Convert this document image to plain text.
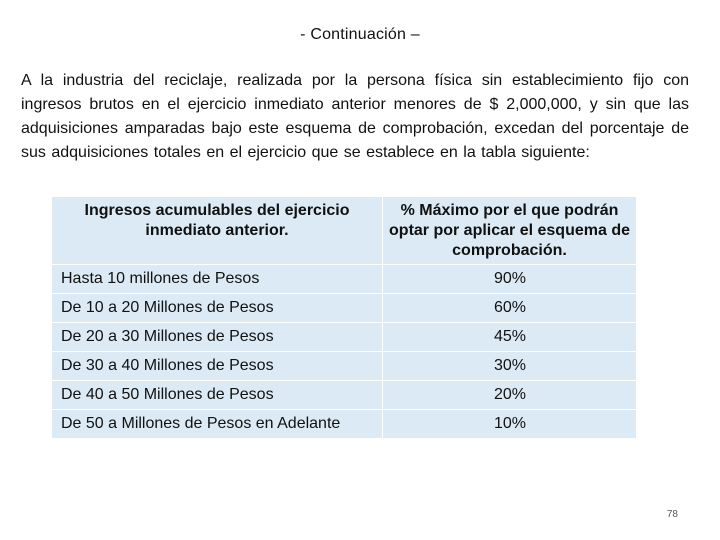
- Continuación –
A la industria del reciclaje, realizada por la persona física sin establecimiento fijo con ingresos brutos en el ejercicio inmediato anterior menores de $ 2,000,000, y sin que las adquisiciones amparadas bajo este esquema de comprobación, excedan del porcentaje de sus adquisiciones totales en el ejercicio que se establece en la tabla siguiente:
Ingresos acumulables del ejercicio inmediato anterior.	% Máximo por el que podrán optar por aplicar el esquema de comprobación.
Hasta 10 millones de Pesos	90%
De 10 a 20 Millones de Pesos	60%
De 20 a 30 Millones de Pesos	45%
De 30 a 40 Millones de Pesos	30%
De 40 a 50 Millones de Pesos	20%
De 50 a Millones de Pesos en Adelante	10%
78
